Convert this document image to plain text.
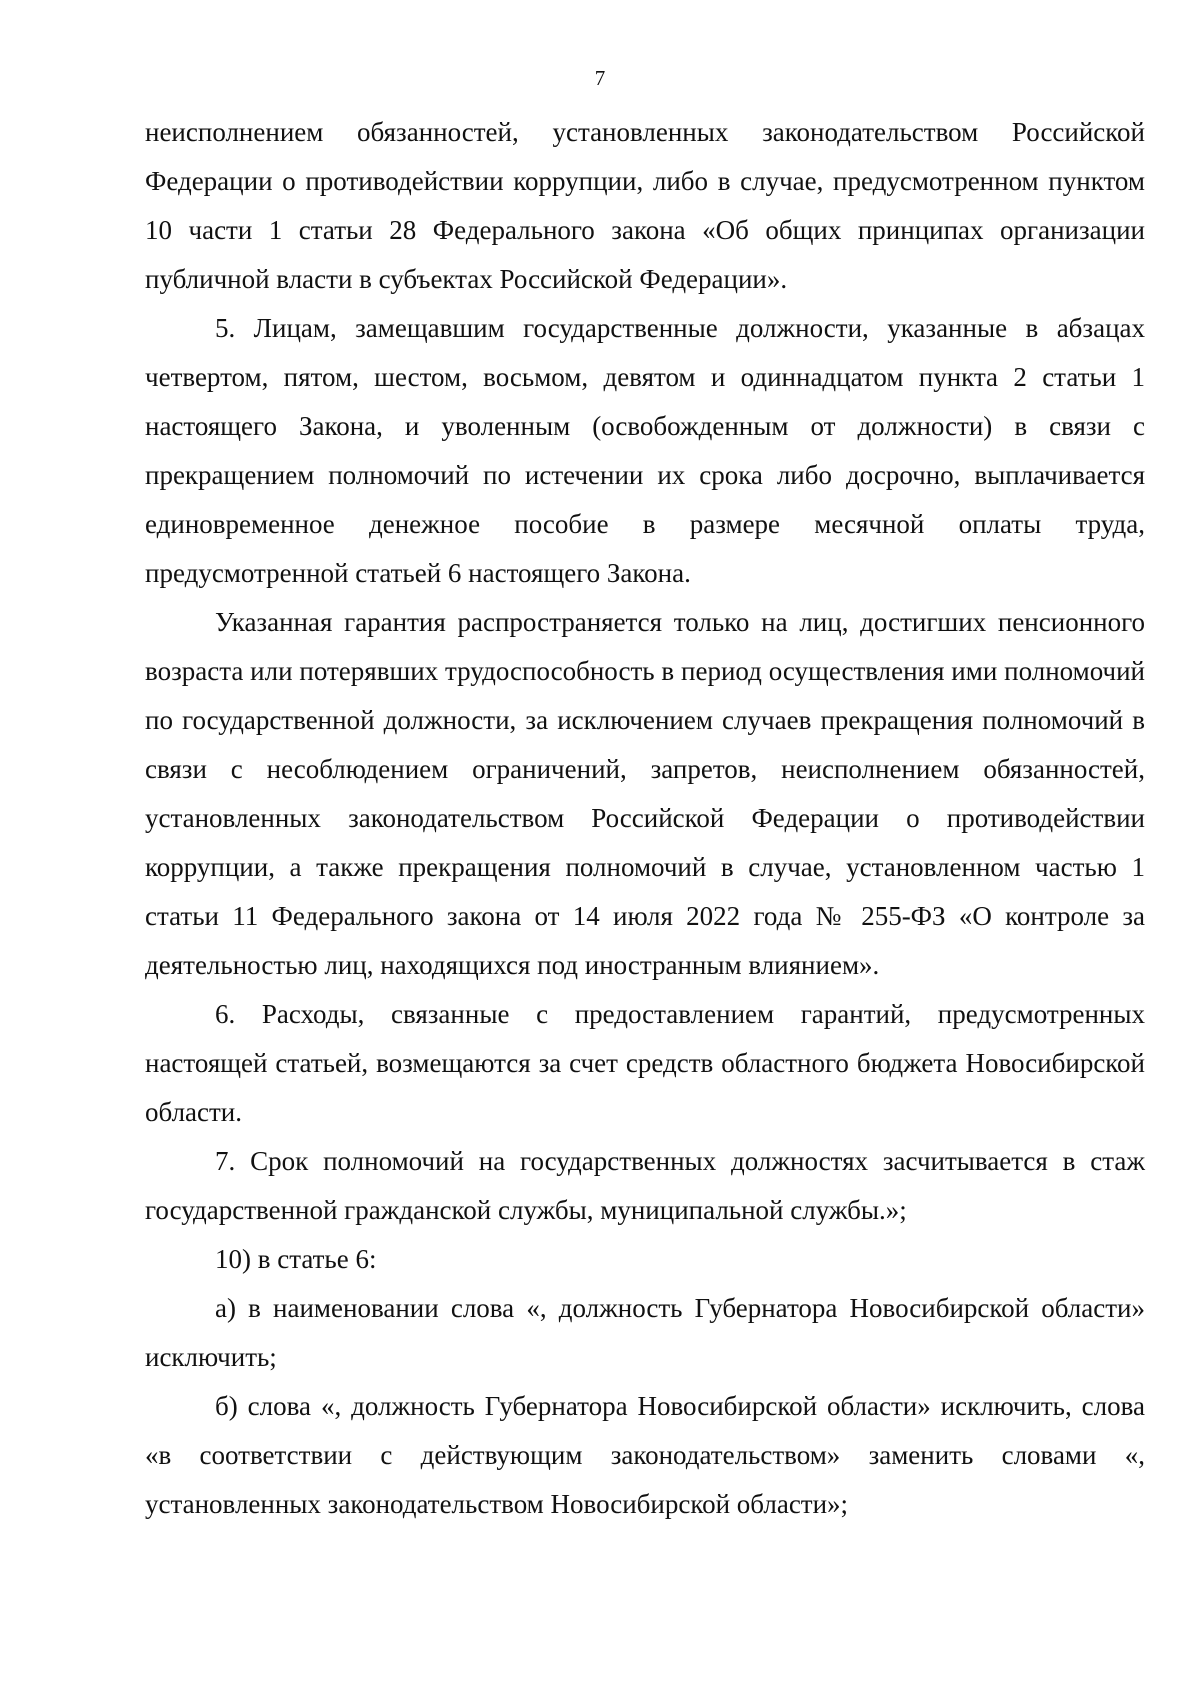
7

неисполнением обязанностей, установленных законодательством Российской Федерации о противодействии коррупции, либо в случае, предусмотренном пунктом 10 части 1 статьи 28 Федерального закона «Об общих принципах организации публичной власти в субъектах Российской Федерации».

5. Лицам, замещавшим государственные должности, указанные в абзацах четвертом, пятом, шестом, восьмом, девятом и одиннадцатом пункта 2 статьи 1 настоящего Закона, и уволенным (освобожденным от должности) в связи с прекращением полномочий по истечении их срока либо досрочно, выплачивается единовременное денежное пособие в размере месячной оплаты труда, предусмотренной статьей 6 настоящего Закона.

Указанная гарантия распространяется только на лиц, достигших пенсионного возраста или потерявших трудоспособность в период осуществления ими полномочий по государственной должности, за исключением случаев прекращения полномочий в связи с несоблюдением ограничений, запретов, неисполнением обязанностей, установленных законодательством Российской Федерации о противодействии коррупции, а также прекращения полномочий в случае, установленном частью 1 статьи 11 Федерального закона от 14 июля 2022 года № 255-ФЗ «О контроле за деятельностью лиц, находящихся под иностранным влиянием».

6. Расходы, связанные с предоставлением гарантий, предусмотренных настоящей статьей, возмещаются за счет средств областного бюджета Новосибирской области.

7. Срок полномочий на государственных должностях засчитывается в стаж государственной гражданской службы, муниципальной службы.»;

10) в статье 6:

а) в наименовании слова «, должность Губернатора Новосибирской области» исключить;

б) слова «, должность Губернатора Новосибирской области» исключить, слова «в соответствии с действующим законодательством» заменить словами «, установленных законодательством Новосибирской области»;
